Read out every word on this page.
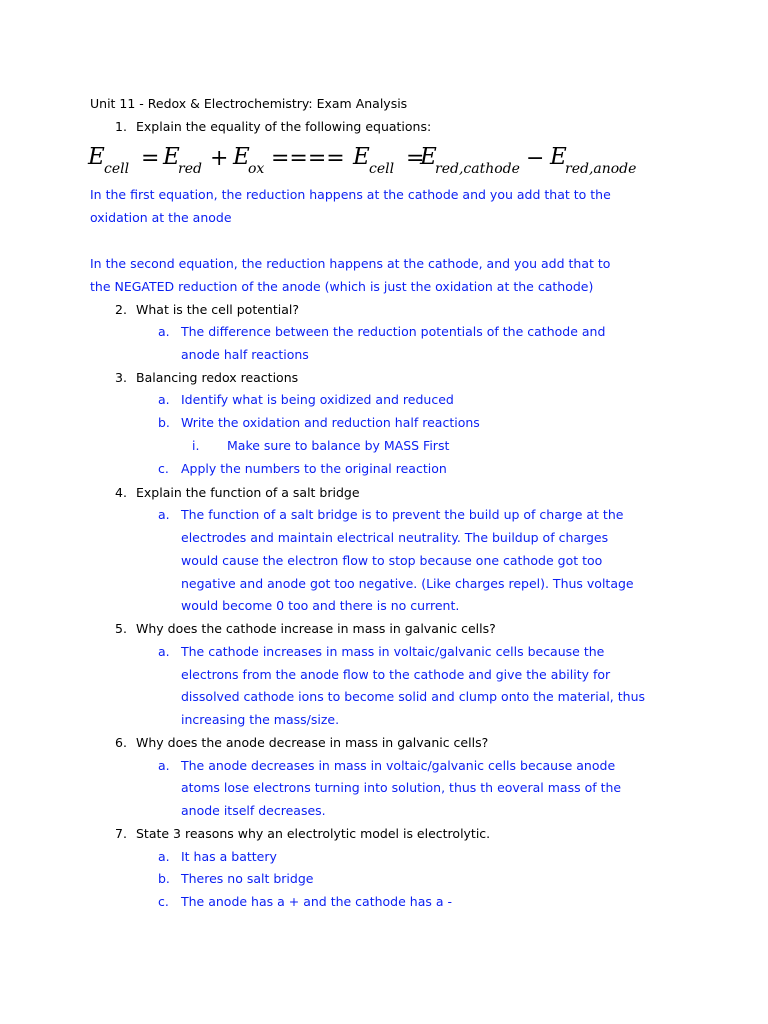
Unit 11 - Redox & Electrochemistry: Exam Analysis
1. Explain the equality of the following equations:
E cell = E
red + E
ox ==== E cell =
E
red,cathode − E
red,anode
In the first equation, the reduction happens at the cathode and you add that to the
oxidation at the anode
In the second equation, the reduction happens at the cathode, and you add that to
the NEGATED reduction of the anode (which is just the oxidation at the cathode)
2. What is the cell potential?
a. The difference between the reduction potentials of the cathode and
anode half reactions
3. Balancing redox reactions
a. Identify what is being oxidized and reduced
b. Write the oxidation and reduction half reactions
i. Make sure to balance by MASS First
c. Apply the numbers to the original reaction
4. Explain the function of a salt bridge
a. The function of a salt bridge is to prevent the build up of charge at the
electrodes and maintain electrical neutrality. The buildup of charges
would cause the electron flow to stop because one cathode got too
negative and anode got too negative. (Like charges repel). Thus voltage
would become 0 too and there is no current.
5. Why does the cathode increase in mass in galvanic cells?
a. The cathode increases in mass in voltaic/galvanic cells because the
electrons from the anode flow to the cathode and give the ability for
dissolved cathode ions to become solid and clump onto the material, thus
increasing the mass/size.
6. Why does the anode decrease in mass in galvanic cells?
a. The anode decreases in mass in voltaic/galvanic cells because anode
atoms lose electrons turning into solution, thus th eoveral mass of the
anode itself decreases.
7. State 3 reasons why an electrolytic model is electrolytic.
a. It has a battery
b. Theres no salt bridge
c. The anode has a + and the cathode has a -
